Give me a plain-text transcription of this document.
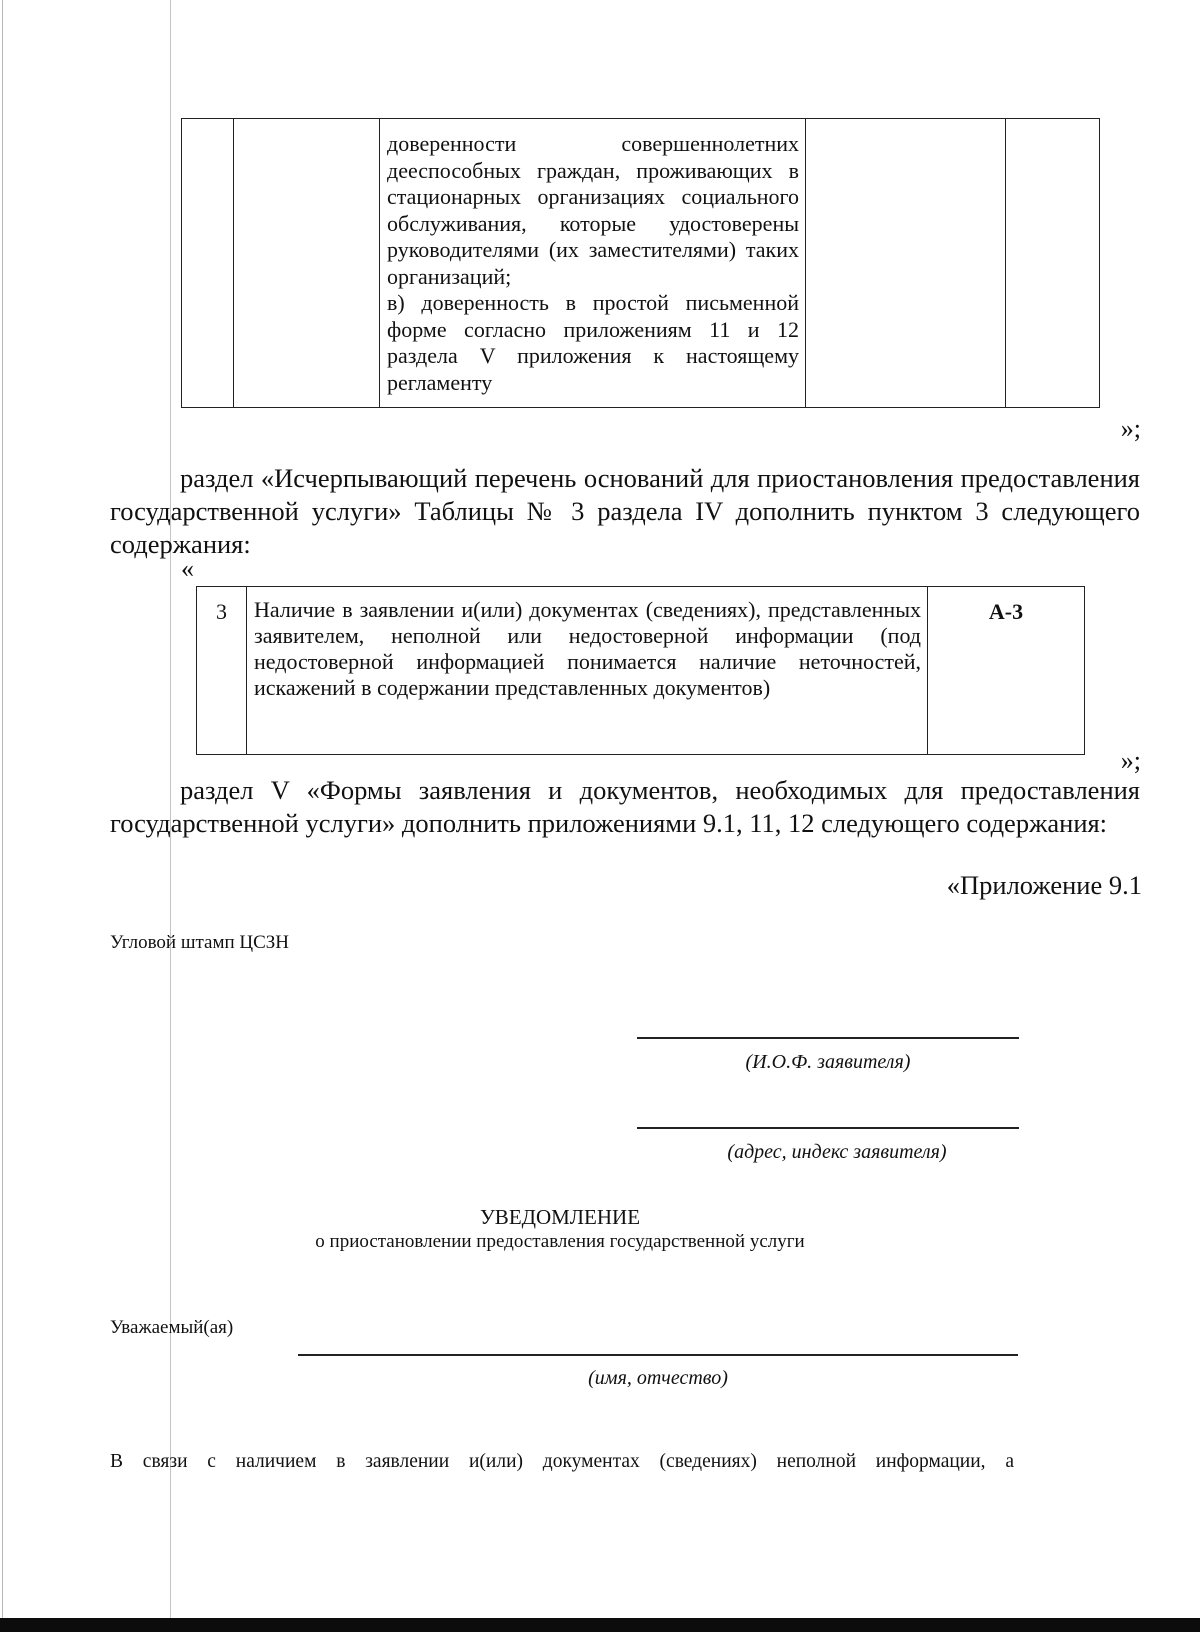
доверенности совершеннолетних дееспособных граждан, проживающих в стационарных организациях социального обслуживания, которые удостоверены руководителями (их заместителями) таких организаций;
в) доверенность в простой письменной форме согласно приложениям 11 и 12 раздела V приложения к настоящему регламенту

»;

раздел «Исчерпывающий перечень оснований для приостановления предоставления государственной услуги» Таблицы № 3 раздела IV дополнить пунктом 3 следующего содержания:

«
3	Наличие в заявлении и(или) документах (сведениях), представленных заявителем, неполной или недостоверной информации (под недостоверной информацией понимается наличие неточностей, искажений в содержании представленных документов)	А-3
»;

раздел V «Формы заявления и документов, необходимых для предоставления государственной услуги» дополнить приложениями 9.1, 11, 12 следующего содержания:

«Приложение 9.1
Угловой штамп ЦСЗН
(И.О.Ф. заявителя)
(адрес, индекс заявителя)
УВЕДОМЛЕНИЕ
о приостановлении предоставления государственной услуги
Уважаемый(ая)
(имя, отчество)
В связи с наличием в заявлении и(или) документах (сведениях) неполной информации, а
